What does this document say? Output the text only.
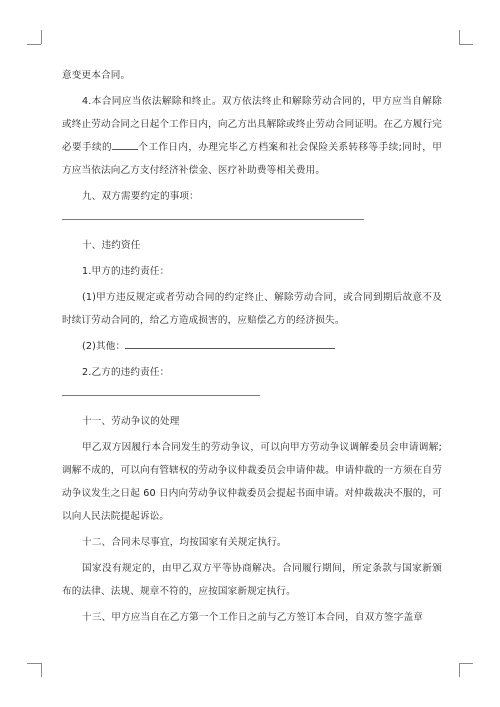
意变更本合同。

4.本合同应当依法解除和终止。双方依法终止和解除劳动合同的，甲方应当自解除或终止劳动合同之日起个工作日内，向乙方出具解除或终止劳动合同证明。在乙方履行完必要手续的	个工作日内，办理完毕乙方档案和社会保险关系转移等手续;同时，甲方应当依法向乙方支付经济补偿金、医疗补助费等相关费用。

九、双方需要约定的事项：

十、违约资任

1.甲方的违约责任：

(1)甲方违反规定或者劳动合同的约定终止、解除劳动合同，或合同到期后故意不及时续订劳动合同的，给乙方造成损害的，应赔偿乙方的经济损失。

(2)其他：

2.乙方的违约责任：

十一、劳动争议的处理

甲乙双方因履行本合同发生的劳动争议，可以向甲方劳动争议调解委员会申请调解;调解不成的，可以向有管辖权的劳动争议仲裁委员会申请仲裁。申请仲裁的一方须在自劳动争议发生之日起 60 日内向劳动争议仲裁委员会提起书面申请。对仲裁裁决不服的，可以向人民法院提起诉讼。

十二、合同未尽事宜，均按国家有关规定执行。

国家没有规定的，由甲乙双方平等协商解决。合同履行期间，所定条款与国家新颁布的法律、法规、规章不符的，应按国家新规定执行。

十三、甲方应当自在乙方第一个工作日之前与乙方签订本合同，自双方签字盖章
